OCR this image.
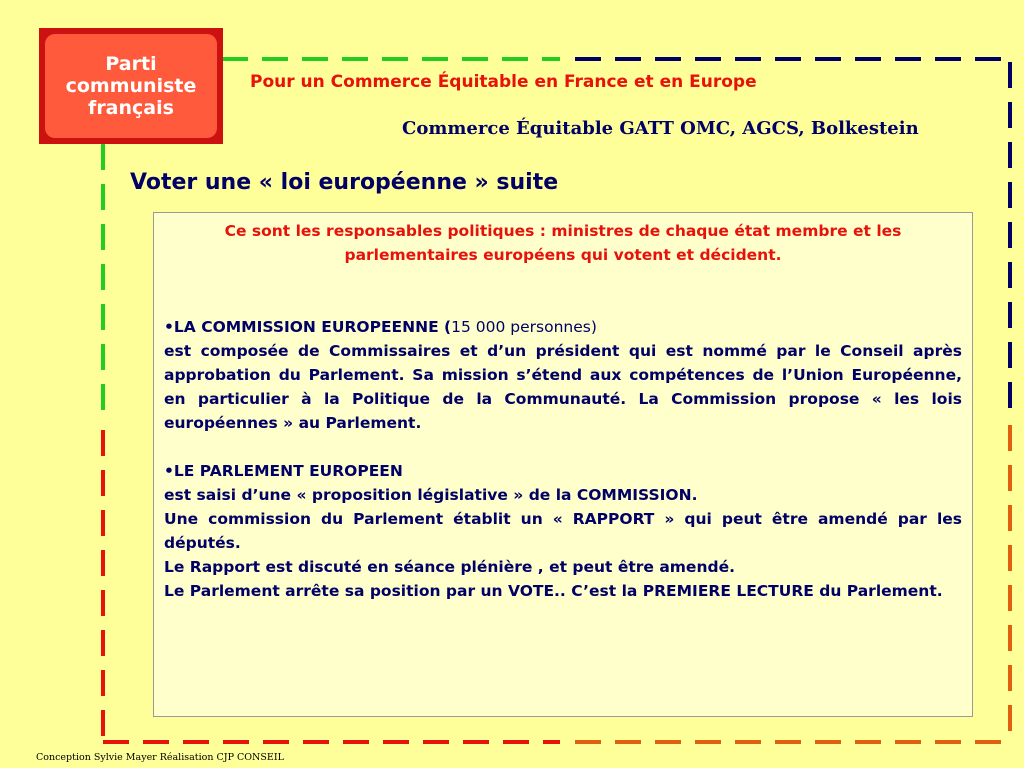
Parti
communiste
français
Pour un Commerce Équitable en France et en Europe
Commerce Équitable GATT OMC, AGCS, Bolkestein
Voter une « loi européenne » suite
Ce sont les responsables politiques : ministres de chaque état membre et les parlementaires européens qui votent et décident.
•LA COMMISSION EUROPEENNE (15 000 personnes)
est composée de Commissaires et d’un président qui est nommé par le Conseil après approbation du Parlement. Sa mission s’étend aux compétences de l’Union Européenne, en particulier à la Politique de la Communauté. La Commission propose « les lois européennes » au Parlement.
•LE PARLEMENT EUROPEEN
est saisi d’une « proposition législative » de la COMMISSION.
Une commission du Parlement établit un « RAPPORT » qui peut être amendé par les députés.
Le Rapport est discuté en séance plénière , et peut être amendé.
Le Parlement arrête sa position par un VOTE.. C’est la PREMIERE LECTURE du Parlement.
Conception Sylvie Mayer Réalisation CJP CONSEIL
